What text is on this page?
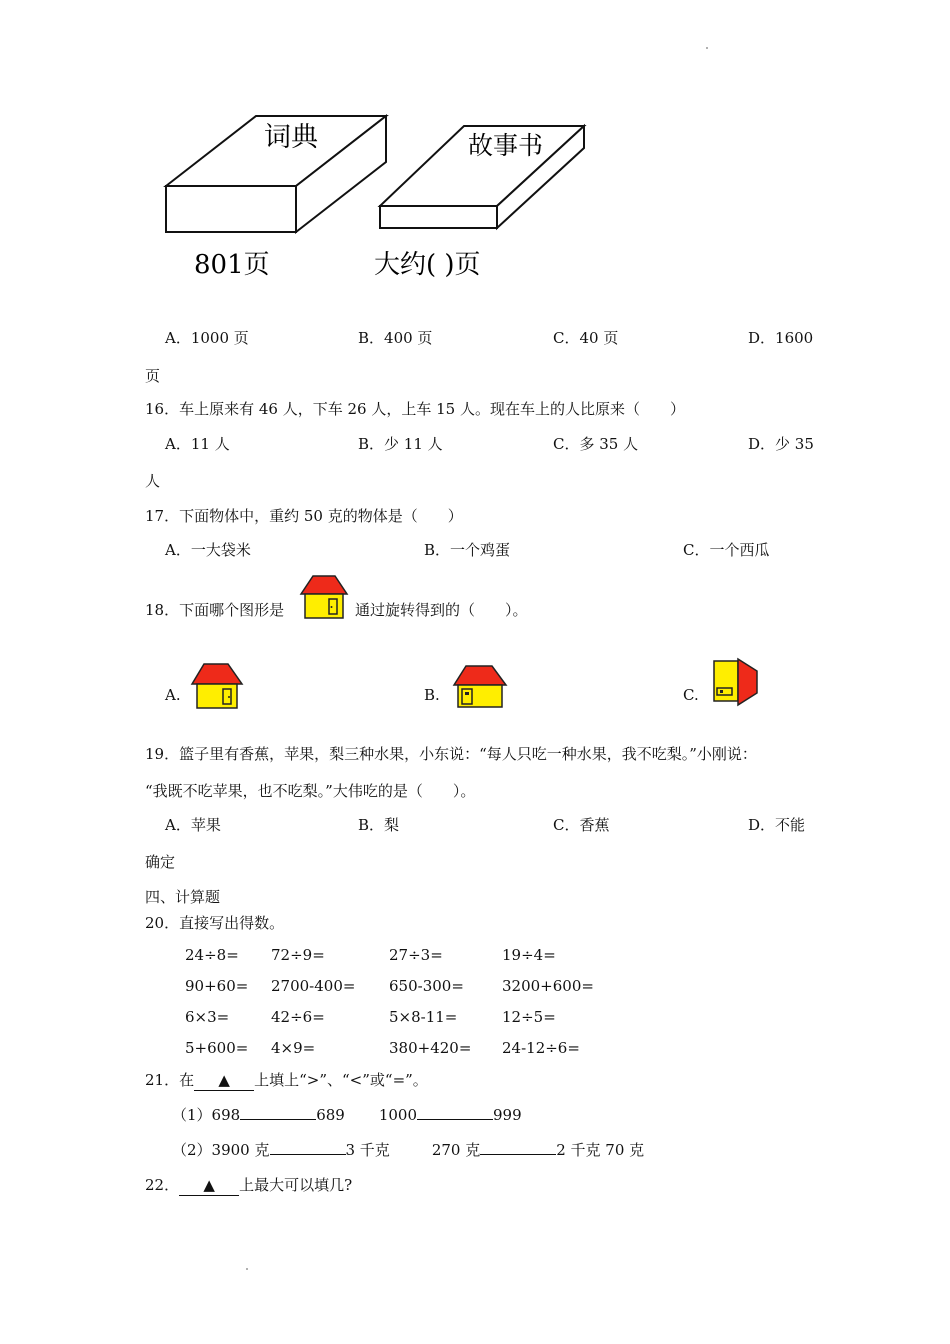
词典	故事书
801页	大约( )页
A．1000 页	B．400 页	C．40 页	D．1600
页
16．车上原来有 46 人，下车 26 人，上车 15 人。现在车上的人比原来（　　）
A．11 人	B．少 11 人	C．多 35 人	D．少 35
人
17．下面物体中，重约 50 克的物体是（　　）
A．一大袋米	B．一个鸡蛋	C．一个西瓜
18．下面哪个图形是	通过旋转得到的（　　）。
A.	B.	C.
19．篮子里有香蕉，苹果，梨三种水果，小东说：“每人只吃一种水果，我不吃梨。”小刚说：
“我既不吃苹果，也不吃梨。”大伟吃的是（　　）。
A．苹果	B．梨	C．香蕉	D．不能
确定
四、计算题
20．直接写出得数。
24÷8= 72÷9=	27÷3=	19÷4=
90+60= 2700-400= 650-300=	3200+600=
6×3=	42÷6=	5×8-11=	12÷5=
5+600= 4×9=	380+420= 24-12÷6=
21．在 ▲ 上填上“>”、“<”或“=”。
（1）698	689 1000	999
（2）3900 克	3 千克	270 克	2 千克 70 克
22． ▲ 上最大可以填几?
